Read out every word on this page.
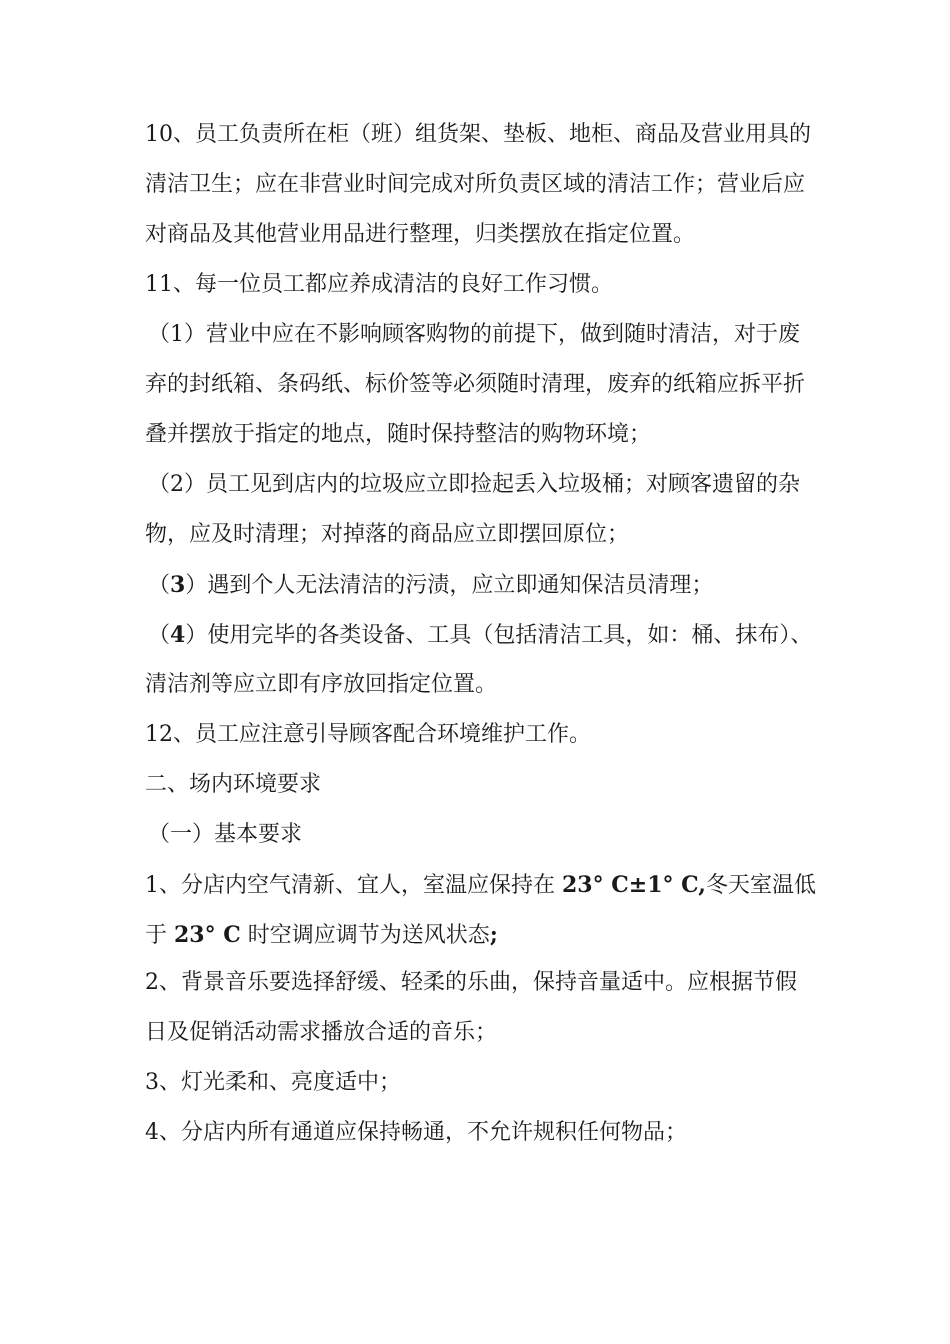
10、员工负责所在柜（班）组货架、垫板、地柜、商品及营业用具的
清洁卫生；应在非营业时间完成对所负责区域的清洁工作；营业后应
对商品及其他营业用品进行整理，归类摆放在指定位置。
11、每一位员工都应养成清洁的良好工作习惯。
（1）营业中应在不影响顾客购物的前提下，做到随时清洁，对于废
弃的封纸箱、条码纸、标价签等必须随时清理，废弃的纸箱应拆平折
叠并摆放于指定的地点，随时保持整洁的购物环境；
（2）员工见到店内的垃圾应立即捡起丢入垃圾桶；对顾客遗留的杂
物，应及时清理；对掉落的商品应立即摆回原位；
（3）遇到个人无法清洁的污渍，应立即通知保洁员清理；
（4）使用完毕的各类设备、工具（包括清洁工具，如：桶、抹布）、
清洁剂等应立即有序放回指定位置。
12、员工应注意引导顾客配合环境维护工作。
二、场内环境要求
（一）基本要求
1、分店内空气清新、宜人，室温应保持在 23° C±1° C,冬天室温低
于 23° C 时空调应调节为送风状态;
2、背景音乐要选择舒缓、轻柔的乐曲，保持音量适中。应根据节假
日及促销活动需求播放合适的音乐；
3、灯光柔和、亮度适中；
4、分店内所有通道应保持畅通，不允许规积任何物品；
